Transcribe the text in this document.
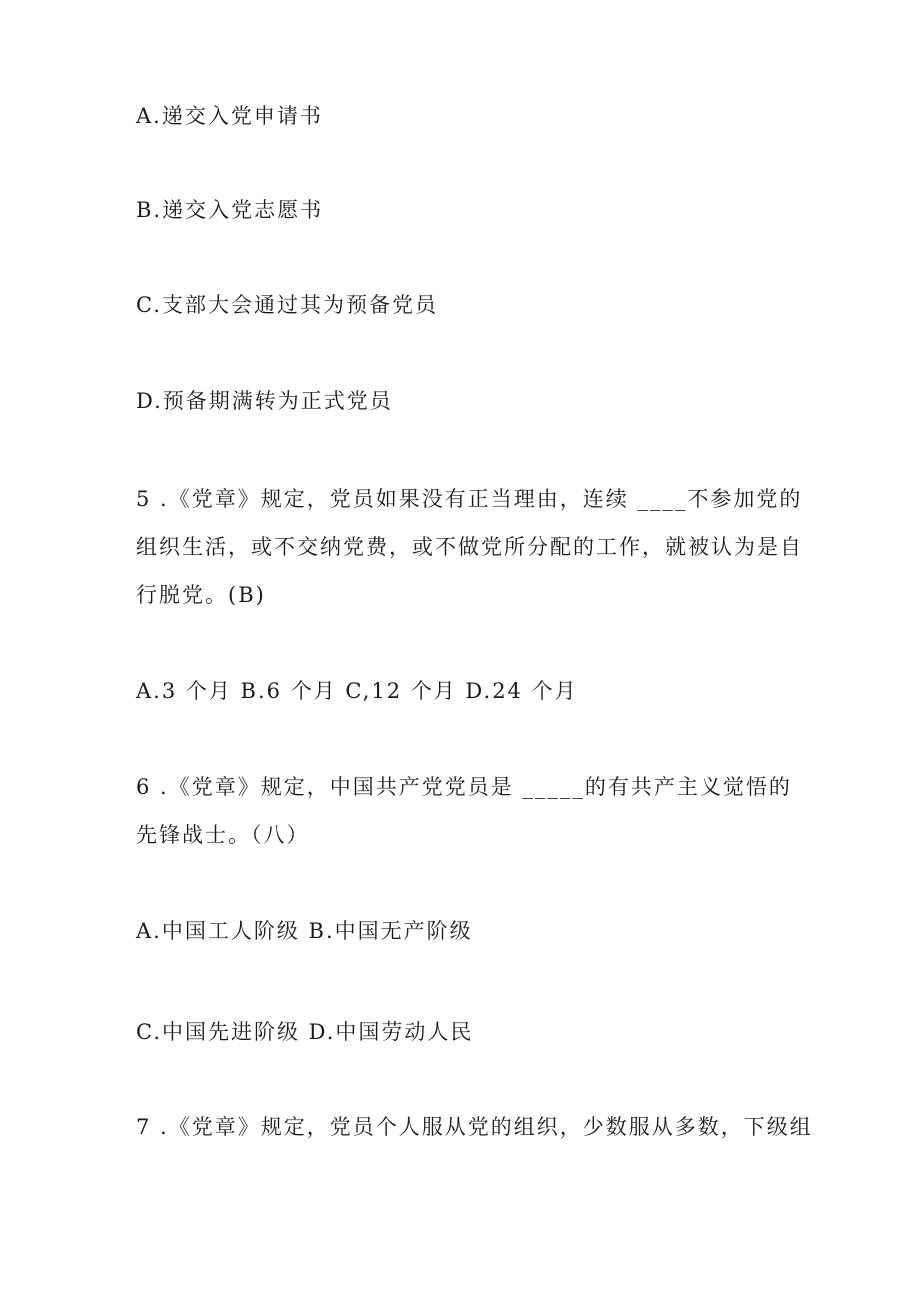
A.递交入党申请书
B.递交入党志愿书
C.支部大会通过其为预备党员
D.预备期满转为正式党员
5 .《党章》规定，党员如果没有正当理由，连续 ____不参加党的
组织生活，或不交纳党费，或不做党所分配的工作，就被认为是自
行脱党。(B)
A.3 个月 B.6 个月 C,12 个月 D.24 个月
6 .《党章》规定，中国共产党党员是 _____的有共产主义觉悟的
先锋战士。（八）
A.中国工人阶级 B.中国无产阶级
C.中国先进阶级 D.中国劳动人民
7 .《党章》规定，党员个人服从党的组织，少数服从多数，下级组
